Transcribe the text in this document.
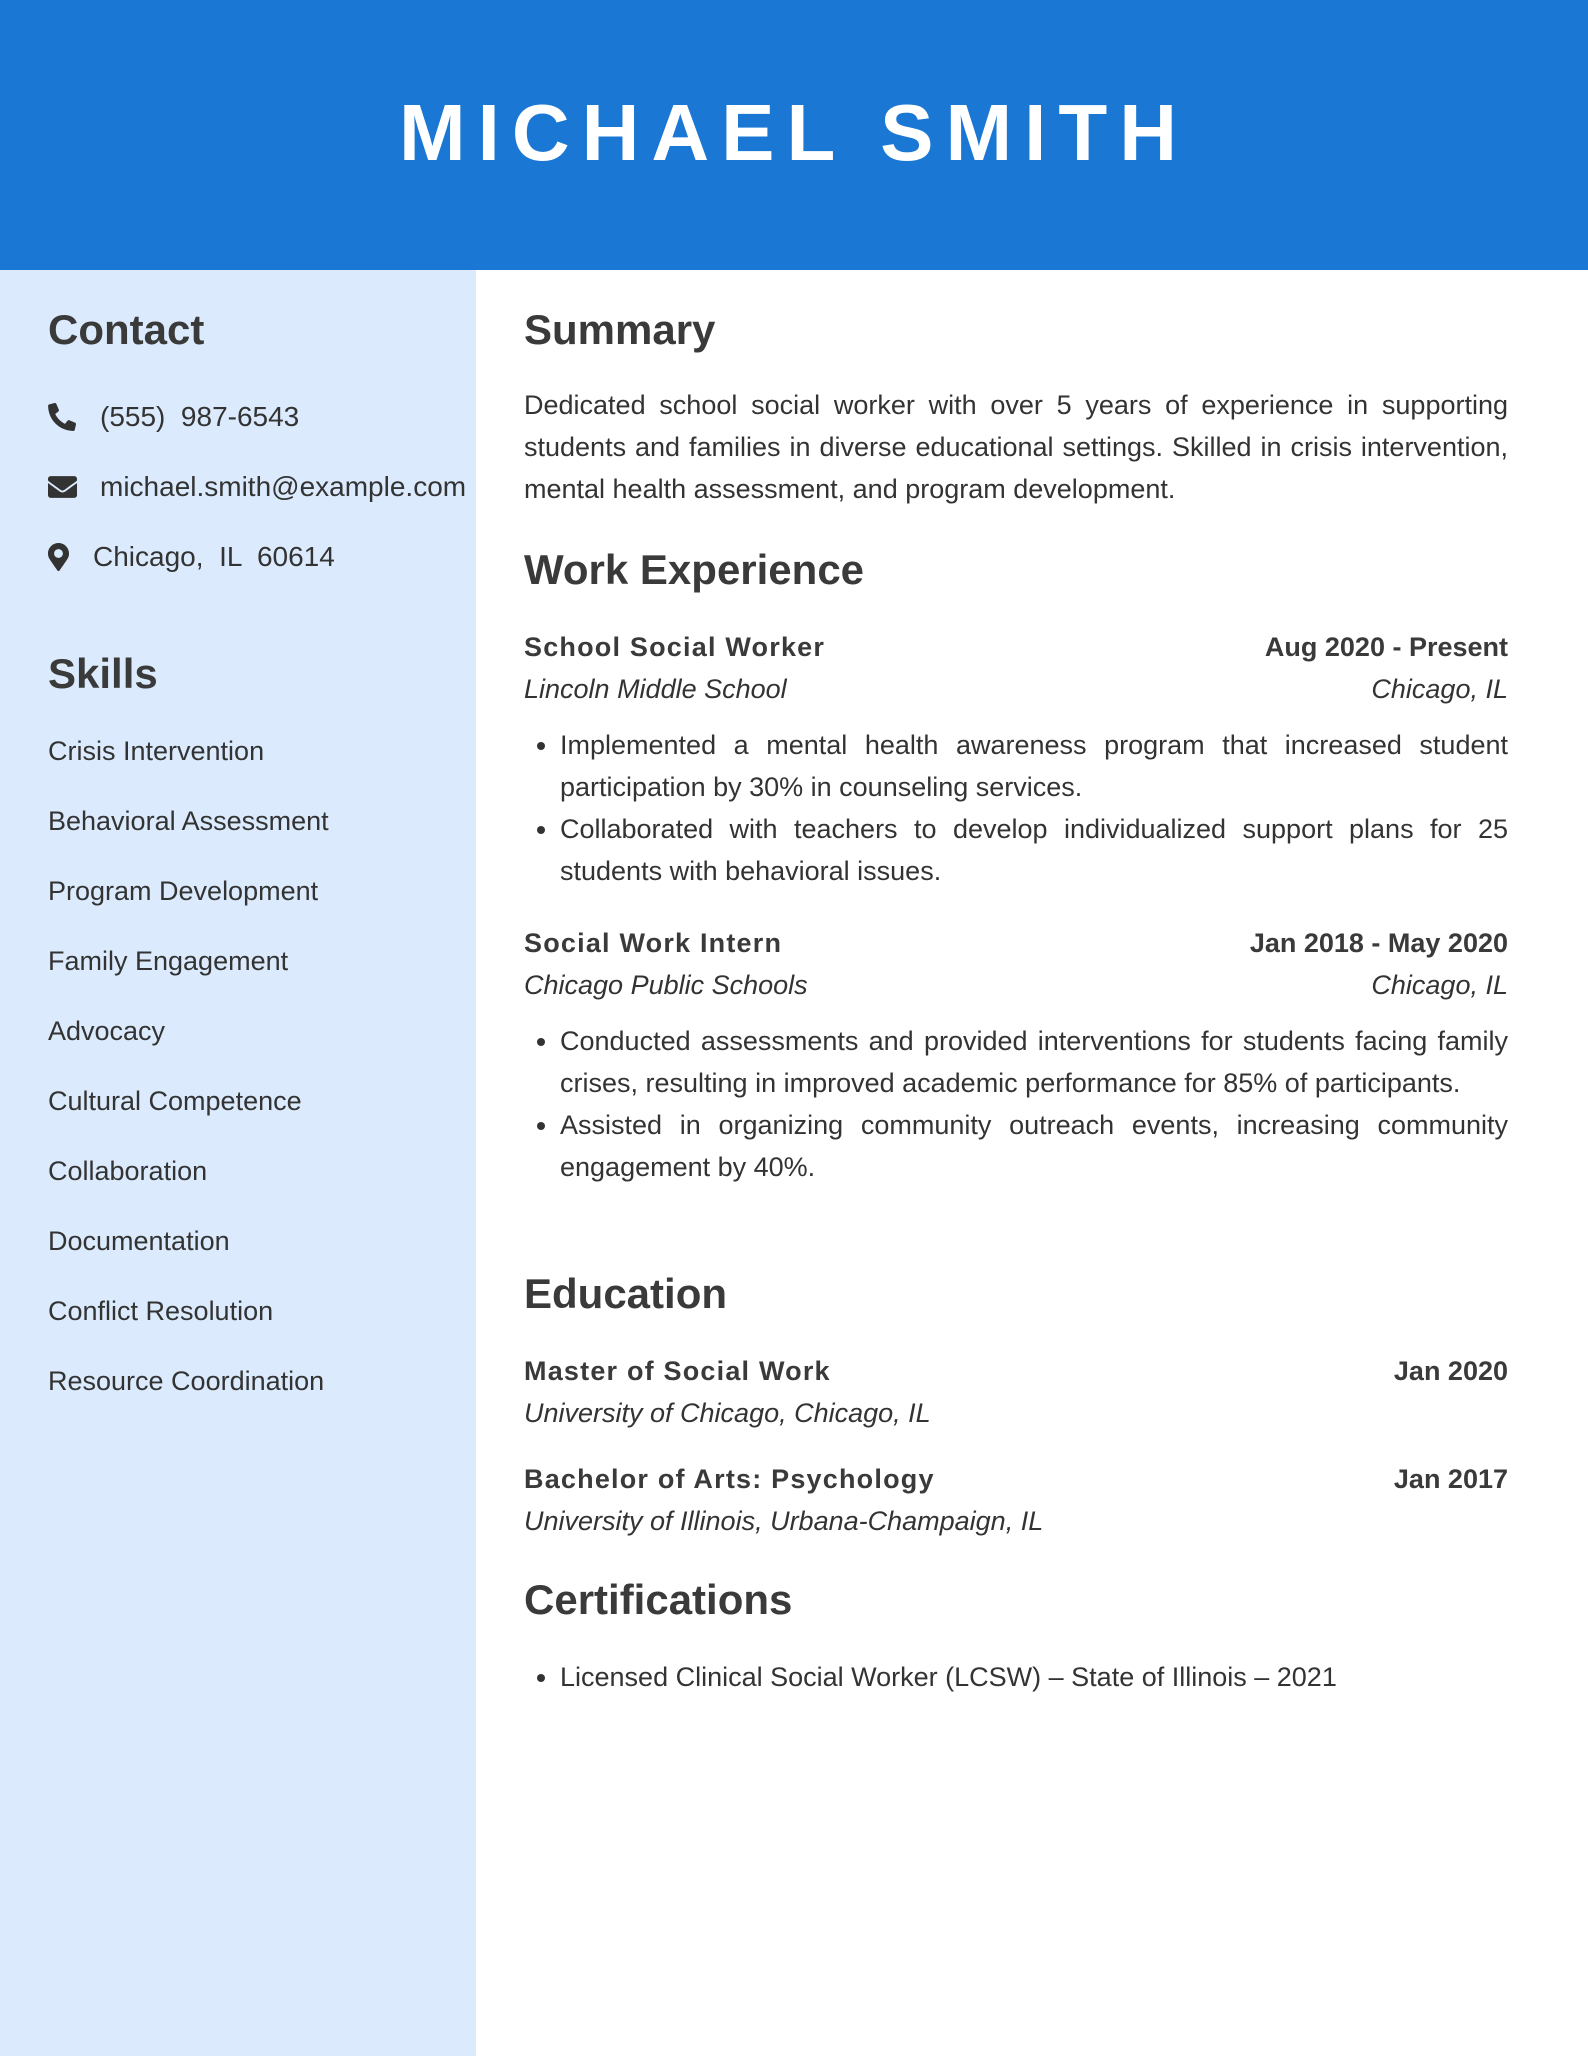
MICHAEL SMITH
Contact
(555)  987-6543
michael.smith@example.com
Chicago,  IL  60614
Skills
Crisis Intervention
Behavioral Assessment
Program Development
Family Engagement
Advocacy
Cultural Competence
Collaboration
Documentation
Conflict Resolution
Resource Coordination
Summary
Dedicated school social worker with over 5 years of experience in supporting students and families in diverse educational settings. Skilled in crisis intervention, mental health assessment, and program development.
Work Experience
School Social Worker	Aug 2020 - Present
Lincoln Middle School	Chicago, IL
• Implemented a mental health awareness program that increased student participation by 30% in counseling services.
• Collaborated with teachers to develop individualized support plans for 25 students with behavioral issues.
Social Work Intern	Jan 2018 - May 2020
Chicago Public Schools	Chicago, IL
• Conducted assessments and provided interventions for students facing family crises, resulting in improved academic performance for 85% of participants.
• Assisted in organizing community outreach events, increasing community engagement by 40%.
Education
Master of Social Work	Jan 2020
University of Chicago, Chicago, IL
Bachelor of Arts: Psychology	Jan 2017
University of Illinois, Urbana-Champaign, IL
Certifications
• Licensed Clinical Social Worker (LCSW) – State of Illinois – 2021
